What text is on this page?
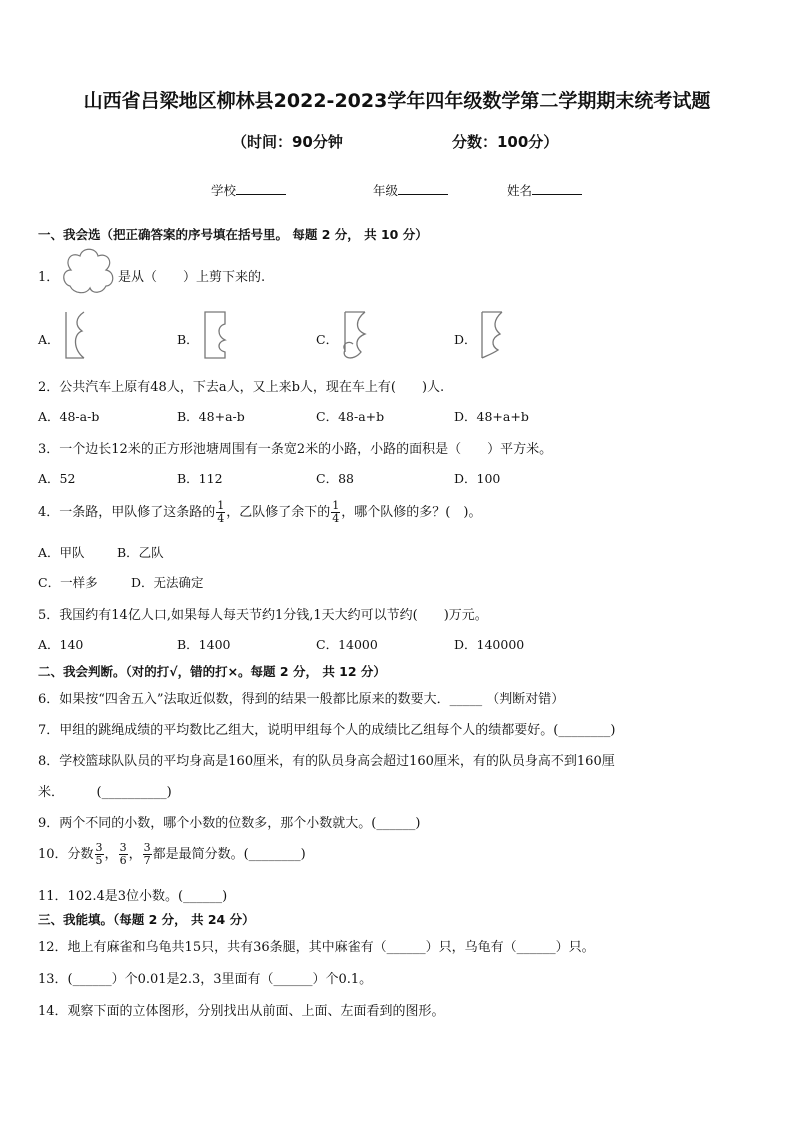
山西省吕梁地区柳林县2022-2023学年四年级数学第二学期期末统考试题
（时间：90分钟	分数：100分）
学校	年级	姓名
一、我会选（把正确答案的序号填在括号里。 每题 2 分， 共 10 分）
1．	是从（　　）上剪下来的.
A．	B．	C．	D．
2．公共汽车上原有48人，下去a人，又上来b人，现在车上有(　　)人.
A．48-a-b	B．48+a-b	C．48-a+b	D．48+a+b
3．一个边长12米的正方形池塘周围有一条宽2米的小路，小路的面积是（　　）平方米。
A．52	B．112	C．88	D．100
4．一条路，甲队修了这条路的 $\frac{1}{4}$ ，乙队修了余下的 $\frac{1}{4}$ ，哪个队修的多？(　)。
A．甲队	B．乙队
C．一样多	D．无法确定
5．我国约有14亿人口,如果每人每天节约1分钱,1天大约可以节约(　　)万元。
A．140	B．1400	C．14000	D．140000
二、我会判断。（对的打√，错的打×。每题 2 分， 共 12 分）
6．如果按“四舍五入”法取近似数，得到的结果一般都比原来的数要大．_____ （判断对错）
7．甲组的跳绳成绩的平均数比乙组大，说明甲组每个人的成绩比乙组每个人的绩都要好。(________)
8．学校篮球队队员的平均身高是160厘米，有的队员身高会超过160厘米，有的队员身高不到160厘
米．　　　(__________)
9．两个不同的小数，哪个小数的位数多，那个小数就大。(______)
10．分数 $\frac{3}{5}$ ， $\frac{3}{6}$ ， $\frac{3}{7}$ 都是最简分数。(________)
11．102.4是3位小数。(______)
三、我能填。（每题 2 分， 共 24 分）
12．地上有麻雀和乌龟共15只，共有36条腿，其中麻雀有（______）只，乌龟有（______）只。
13．(______）个0.01是2.3，3里面有（______）个0.1。
14．观察下面的立体图形，分别找出从前面、上面、左面看到的图形。
